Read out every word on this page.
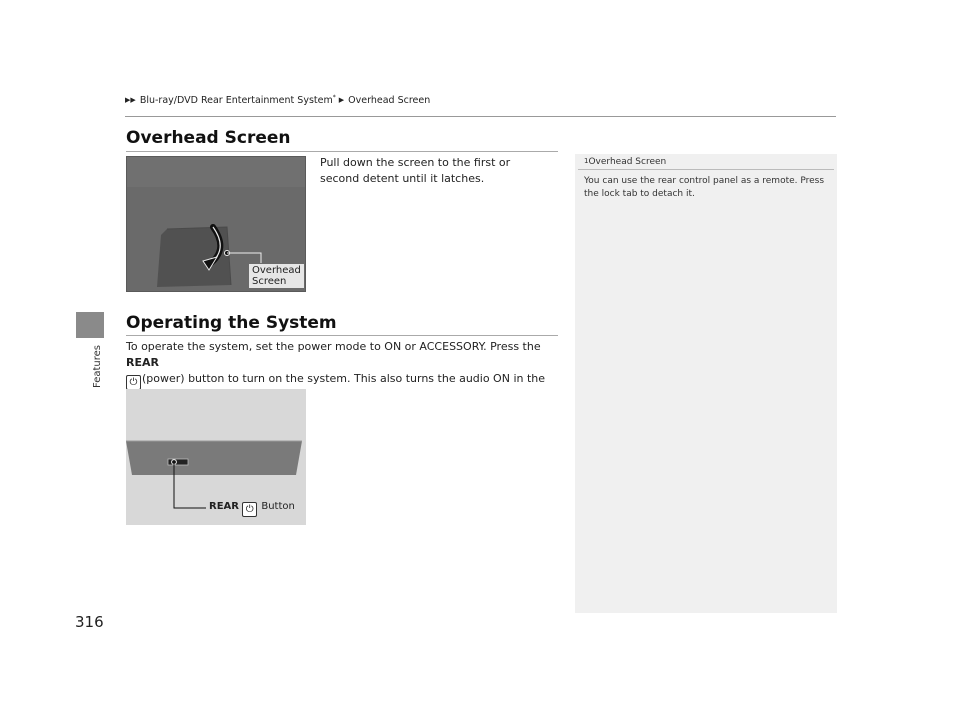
Features
▶▶ Blu-ray/DVD Rear Entertainment System* ▶ Overhead Screen
Overhead Screen
Overhead
Screen
Pull down the screen to the first or second detent until it latches.
Operating the System
To operate the system, set the power mode to ON or ACCESSORY. Press the REAR
⏻ (power) button to turn on the system. This also turns the audio ON in the
REAR ⏻ Button
1Overhead Screen
You can use the rear control panel as a remote. Press the lock tab to detach it.
316
